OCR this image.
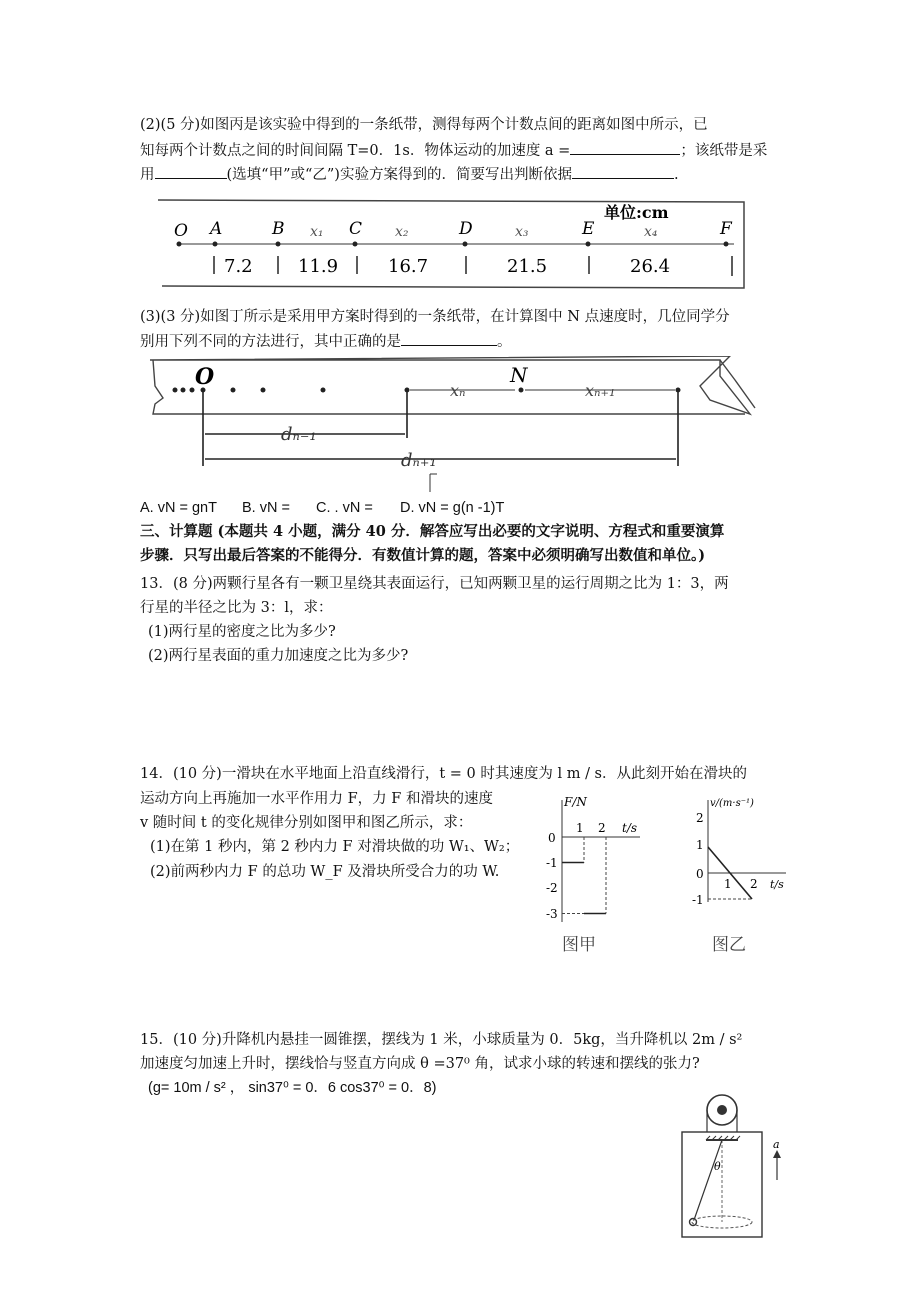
(2)(5 分)如图丙是该实验中得到的一条纸带，测得每两个计数点间的距离如图中所示，已
知每两个计数点之间的时间间隔 T=0．1s．物体运动的加速度 a =	；该纸带是采
用	(选填“甲”或“乙”)实验方案得到的．简要写出判断依据	.
单位:cm
O A	B	C	D	E	F
x₁	x₂	x₃	x₄
7.2	11.9	16.7	21.5	26.4
(3)(3 分)如图丁所示是采用甲方案时得到的一条纸带，在计算图中 N 点速度时，几位同学分
别用下列不同的方法进行，其中正确的是	。
O	N
xₙ	xₙ₊₁
dₙ₋₁
dₙ₊₁
A. vN = gnT B. vN = C. . vN = D. vN = g(n -1)T
三、计算题 (本题共 4 小题，满分 40 分．解答应写出必要的文字说明、方程式和重要演算
步骤．只写出最后答案的不能得分．有数值计算的题，答案中必须明确写出数值和单位。)
13．(8 分)两颗行星各有一颗卫星绕其表面运行，已知两颗卫星的运行周期之比为 1：3，两
行星的半径之比为 3：l，求：
(1)两行星的密度之比为多少?
(2)两行星表面的重力加速度之比为多少?
14．(10 分)一滑块在水平地面上沿直线滑行，t = 0 时其速度为 l m / s．从此刻开始在滑块的
运动方向上再施加一水平作用力 F，力 F 和滑块的速度
v 随时间 t 的变化规律分别如图甲和图乙所示，求：
(1)在第 1 秒内，第 2 秒内力 F 对滑块做的功 W₁、W₂；
(2)前两秒内力 F 的总功 W_F 及滑块所受合力的功 W.
F/N
t/s
0
-1
-2
-3
1 2
图甲
v/(m·s⁻¹)
t/s
2
1
0
-1
1 2
图乙
15．(10 分)升降机内悬挂一圆锥摆，摆线为 1 米，小球质量为 0．5kg，当升降机以 2m / s²
加速度匀加速上升时，摆线恰与竖直方向成 θ =37⁰ 角，试求小球的转速和摆线的张力?
(g= 10m / s² ， sin37⁰ = 0．6 cos37⁰ = 0．8)
θ
a
